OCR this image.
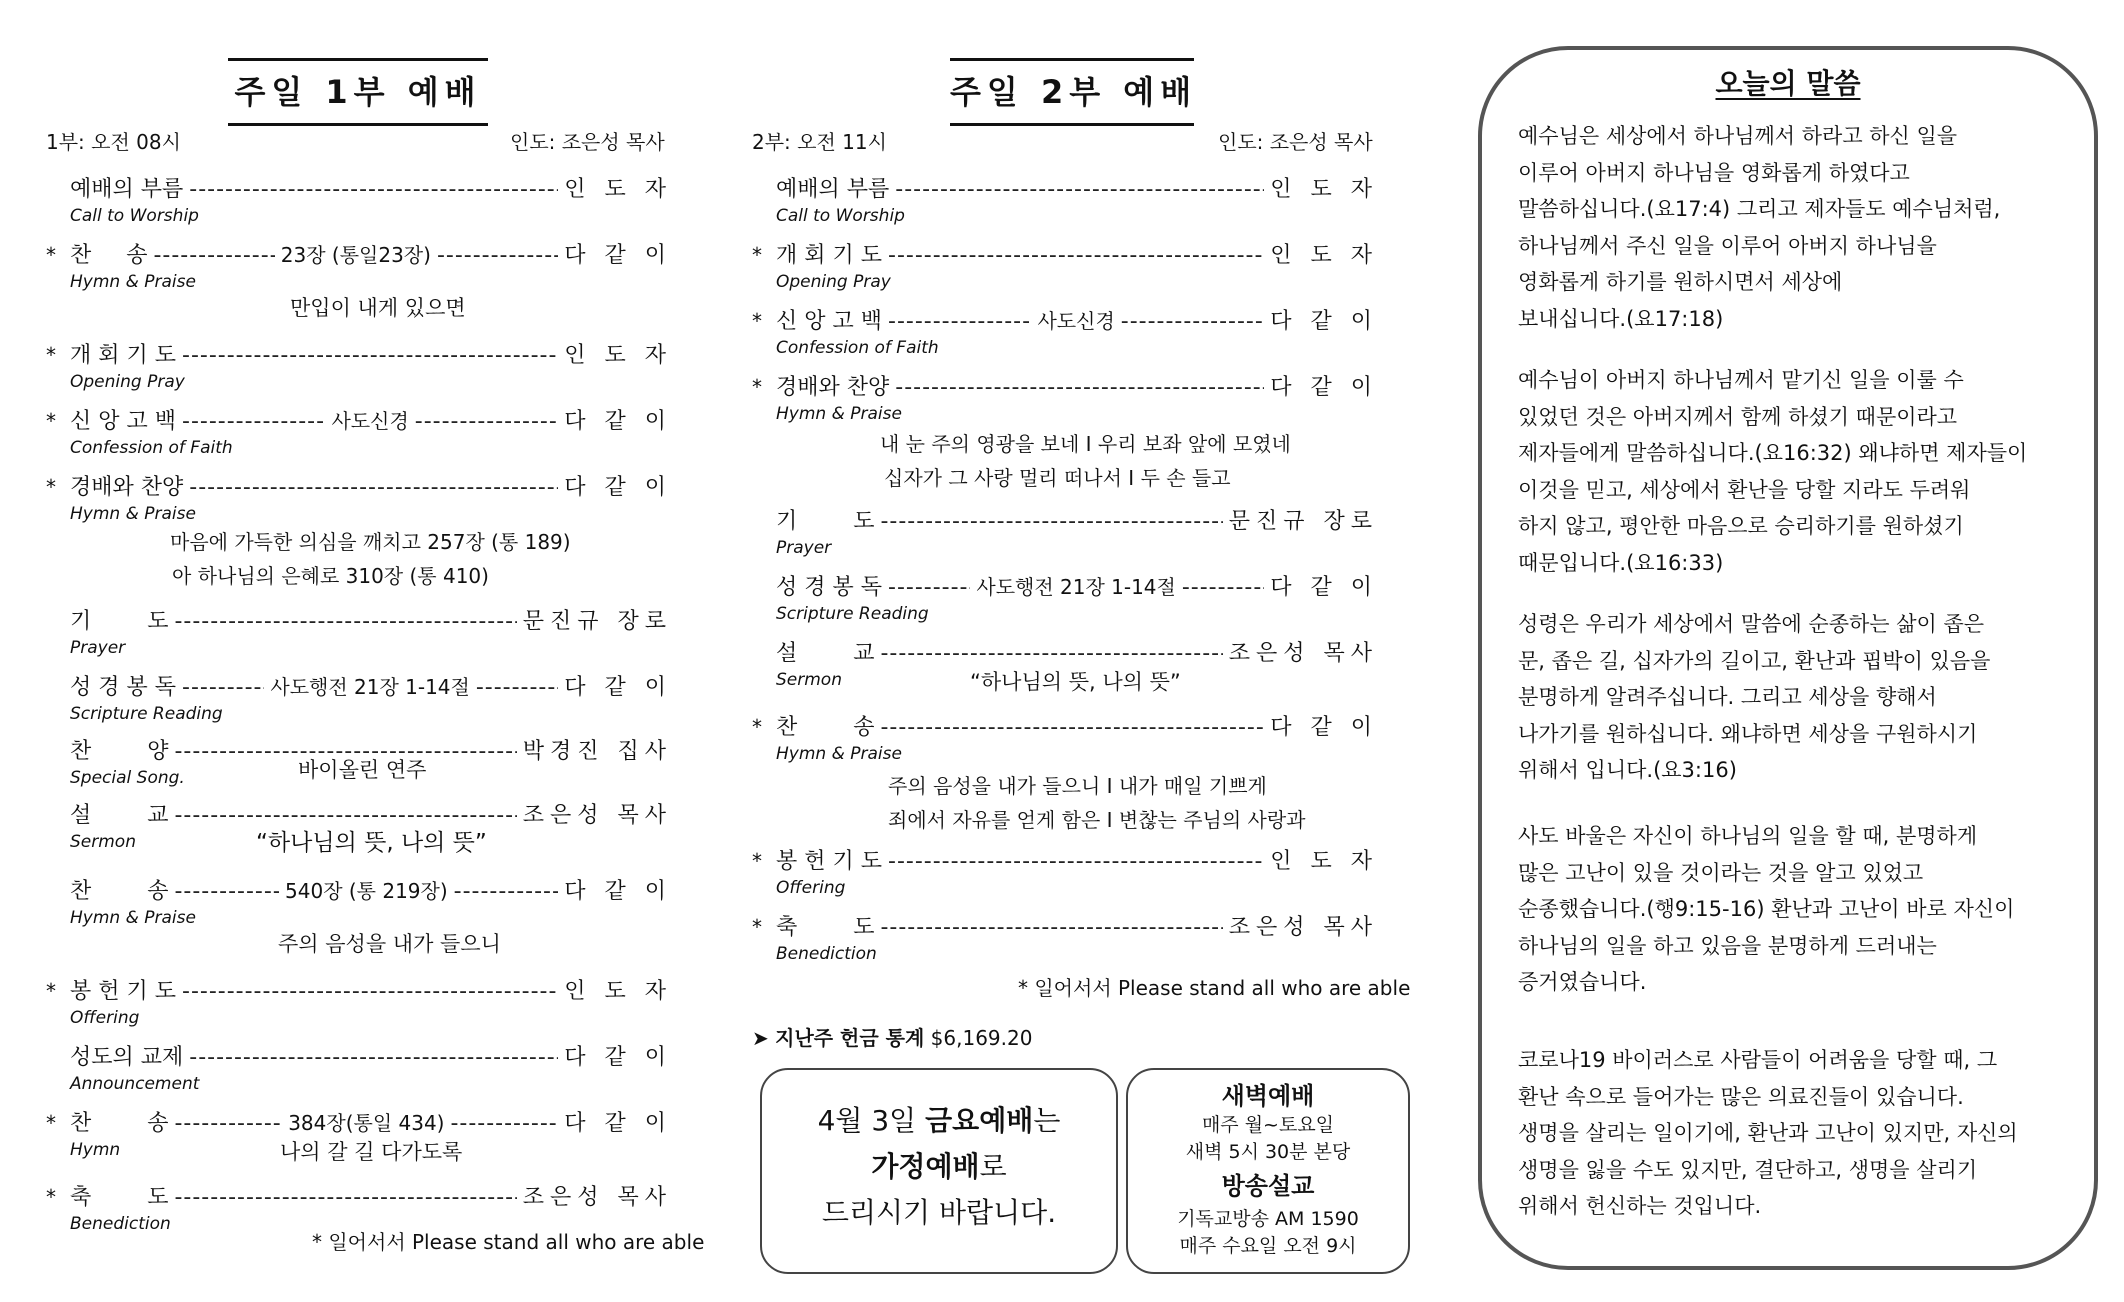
주일 1부 예배
1부: 오전 08시	인도: 조은성 목사
예배의 부름 -----	인 도 자
Call to Worship
* 찬     송 -----	23장 (통일23장) -----	다 같 이
Hymn & Praise
* 개 회 기 도 -----	인 도 자
Opening Pray
* 신 앙 고 백 -----	사도신경 -----	다 같 이
Confession of Faith
* 경배와 찬양 -----	다 같 이
Hymn & Praise
기        도 -----	문진규 장로
Prayer
성 경 봉 독 -----	사도행전 21장 1-14절 -----	다 같 이
Scripture Reading
찬        양 -----	박경진 집사
Special Song.
설        교 -----	조은성 목사
Sermon
찬        송 -----	540장 (통 219장) -----	다 같 이
Hymn & Praise
* 봉 헌 기 도 -----	인 도 자
Offering
성도의 교제 -----	다 같 이
Announcement
* 찬        송 -----	384장(통일 434) -----	다 같 이
Hymn
* 축        도 -----	조은성 목사
Benediction
만입이 내게 있으면
마음에 가득한 의심을 깨치고 257장 (통 189)
아 하나님의 은혜로 310장 (통 410)
바이올린 연주
“하나님의 뜻, 나의 뜻”
주의 음성을 내가 들으니
나의 갈 길 다가도록
* 일어서서 Please stand all who are able
주일 2부 예배
2부: 오전 11시	인도: 조은성 목사
예배의 부름 -----	인 도 자
Call to Worship
* 개 회 기 도 -----	인 도 자
Opening Pray
* 신 앙 고 백 -----	사도신경 -----	다 같 이
Confession of Faith
* 경배와 찬양 -----	다 같 이
Hymn & Praise
기        도 -----	문진규 장로
Prayer
성 경 봉 독 -----	사도행전 21장 1-14절 -----	다 같 이
Scripture Reading
설        교 -----	조은성 목사
Sermon
* 찬        송 -----	다 같 이
Hymn & Praise
* 봉 헌 기 도 -----	인 도 자
Offering
* 축        도 -----	조은성 목사
Benediction
내 눈 주의 영광을 보네 I 우리 보좌 앞에 모였네
십자가 그 사랑 멀리 떠나서 I 두 손 들고
“하나님의 뜻, 나의 뜻”
주의 음성을 내가 들으니 I 내가 매일 기쁘게
죄에서 자유를 얻게 함은 I 변찮는 주님의 사랑과
* 일어서서 Please stand all who are able
➤ 지난주 헌금 통계 $6,169.20
4월 3일 금요예배는
가정예배로
드리시기 바랍니다.
새벽예배
매주 월~토요일
새벽 5시 30분 본당
방송설교
기독교방송 AM 1590
매주 수요일 오전 9시
오늘의 말씀
예수님은 세상에서 하나님께서 하라고 하신 일을
이루어 아버지 하나님을 영화롭게 하였다고
말씀하십니다.(요17:4) 그리고 제자들도 예수님처럼,
하나님께서 주신 일을 이루어 아버지 하나님을
영화롭게 하기를 원하시면서 세상에
보내십니다.(요17:18)
예수님이 아버지 하나님께서 맡기신 일을 이룰 수
있었던 것은 아버지께서 함께 하셨기 때문이라고
제자들에게 말씀하십니다.(요16:32) 왜냐하면 제자들이
이것을 믿고, 세상에서 환난을 당할 지라도 두려워
하지 않고, 평안한 마음으로 승리하기를 원하셨기
때문입니다.(요16:33)
성령은 우리가 세상에서 말씀에 순종하는 삶이 좁은
문, 좁은 길, 십자가의 길이고, 환난과 핍박이 있음을
분명하게 알려주십니다. 그리고 세상을 향해서
나가기를 원하십니다. 왜냐하면 세상을 구원하시기
위해서 입니다.(요3:16)
사도 바울은 자신이 하나님의 일을 할 때, 분명하게
많은 고난이 있을 것이라는 것을 알고 있었고
순종했습니다.(행9:15-16) 환난과 고난이 바로 자신이
하나님의 일을 하고 있음을 분명하게 드러내는
증거였습니다.
코로나19 바이러스로 사람들이 어려움을 당할 때, 그
환난 속으로 들어가는 많은 의료진들이 있습니다.
생명을 살리는 일이기에, 환난과 고난이 있지만, 자신의
생명을 잃을 수도 있지만, 결단하고, 생명을 살리기
위해서 헌신하는 것입니다.
